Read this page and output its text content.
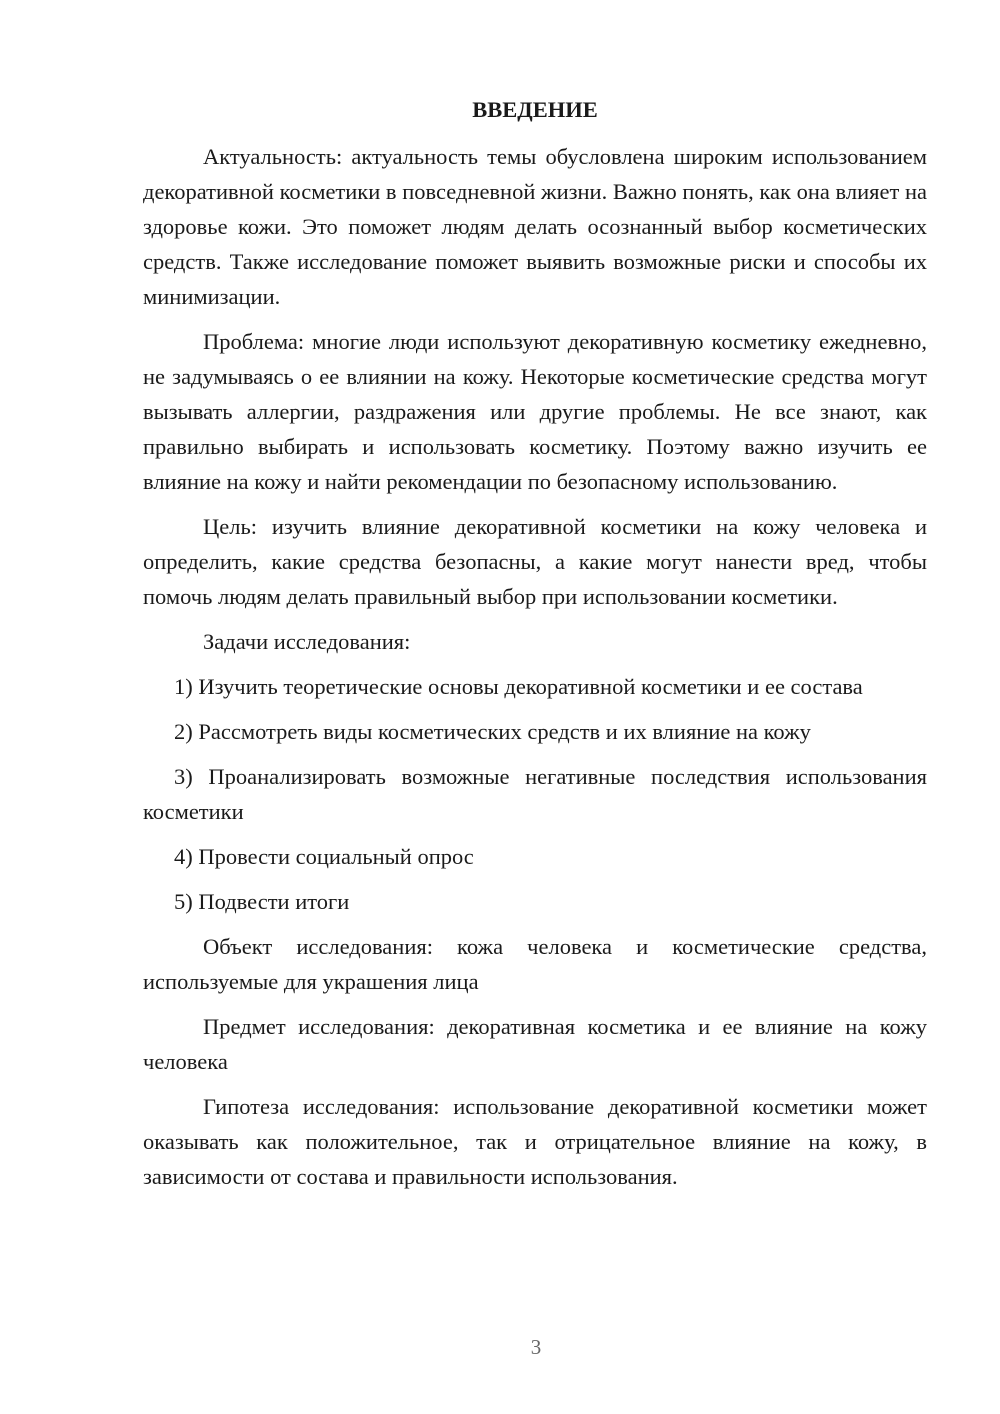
ВВЕДЕНИЕ

Актуальность: актуальность темы обусловлена широким использованием декоративной косметики в повседневной жизни. Важно понять, как она влияет на здоровье кожи. Это поможет людям делать осознанный выбор косметических средств. Также исследование поможет выявить возможные риски и способы их минимизации.

Проблема: многие люди используют декоративную косметику ежедневно, не задумываясь о ее влиянии на кожу. Некоторые косметические средства могут вызывать аллергии, раздражения или другие проблемы. Не все знают, как правильно выбирать и использовать косметику. Поэтому важно изучить ее влияние на кожу и найти рекомендации по безопасному использованию.

Цель: изучить влияние декоративной косметики на кожу человека и определить, какие средства безопасны, а какие могут нанести вред, чтобы помочь людям делать правильный выбор при использовании косметики.

Задачи исследования:

1) Изучить теоретические основы декоративной косметики и ее состава

2) Рассмотреть виды косметических средств и их влияние на кожу

3) Проанализировать возможные негативные последствия использования косметики

4) Провести социальный опрос

5) Подвести итоги

Объект исследования: кожа человека и косметические средства, используемые для украшения лица

Предмет исследования: декоративная косметика и ее влияние на кожу человека

Гипотеза исследования: использование декоративной косметики может оказывать как положительное, так и отрицательное влияние на кожу, в зависимости от состава и правильности использования.

3
